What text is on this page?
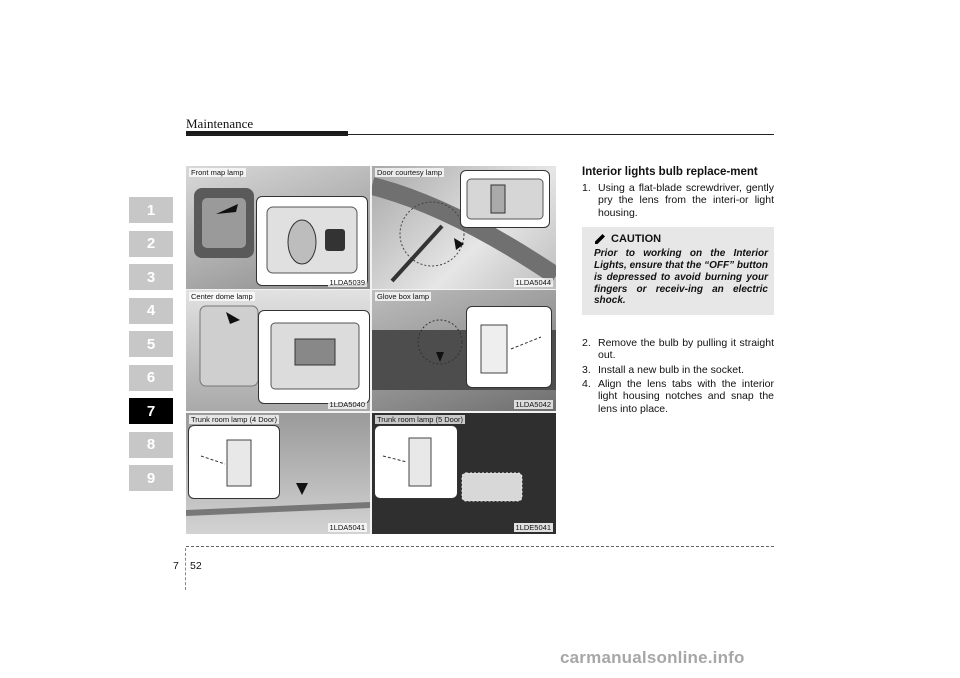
Maintenance
1
2
3
4
5
6
7
8
9
Front map lamp
1LDA5039
Door courtesy lamp
1LDA5044
Center dome lamp
1LDA5040
Glove box lamp
1LDA5042
Trunk room lamp (4 Door)
1LDA5041
Trunk room lamp (5 Door)
1LDE5041
Interior lights bulb replace-ment
1. Using a flat-blade screwdriver, gently pry the lens from the interi-or light housing.
CAUTION
Prior to working on the Interior Lights, ensure that the “OFF” button is depressed to avoid burning your fingers or receiv-ing an electric shock.
2. Remove the bulb by pulling it straight out.
3. Install a new bulb in the socket.
4. Align the lens tabs with the interior light housing notches and snap the lens into place.
7 52
carmanualsonline.info
